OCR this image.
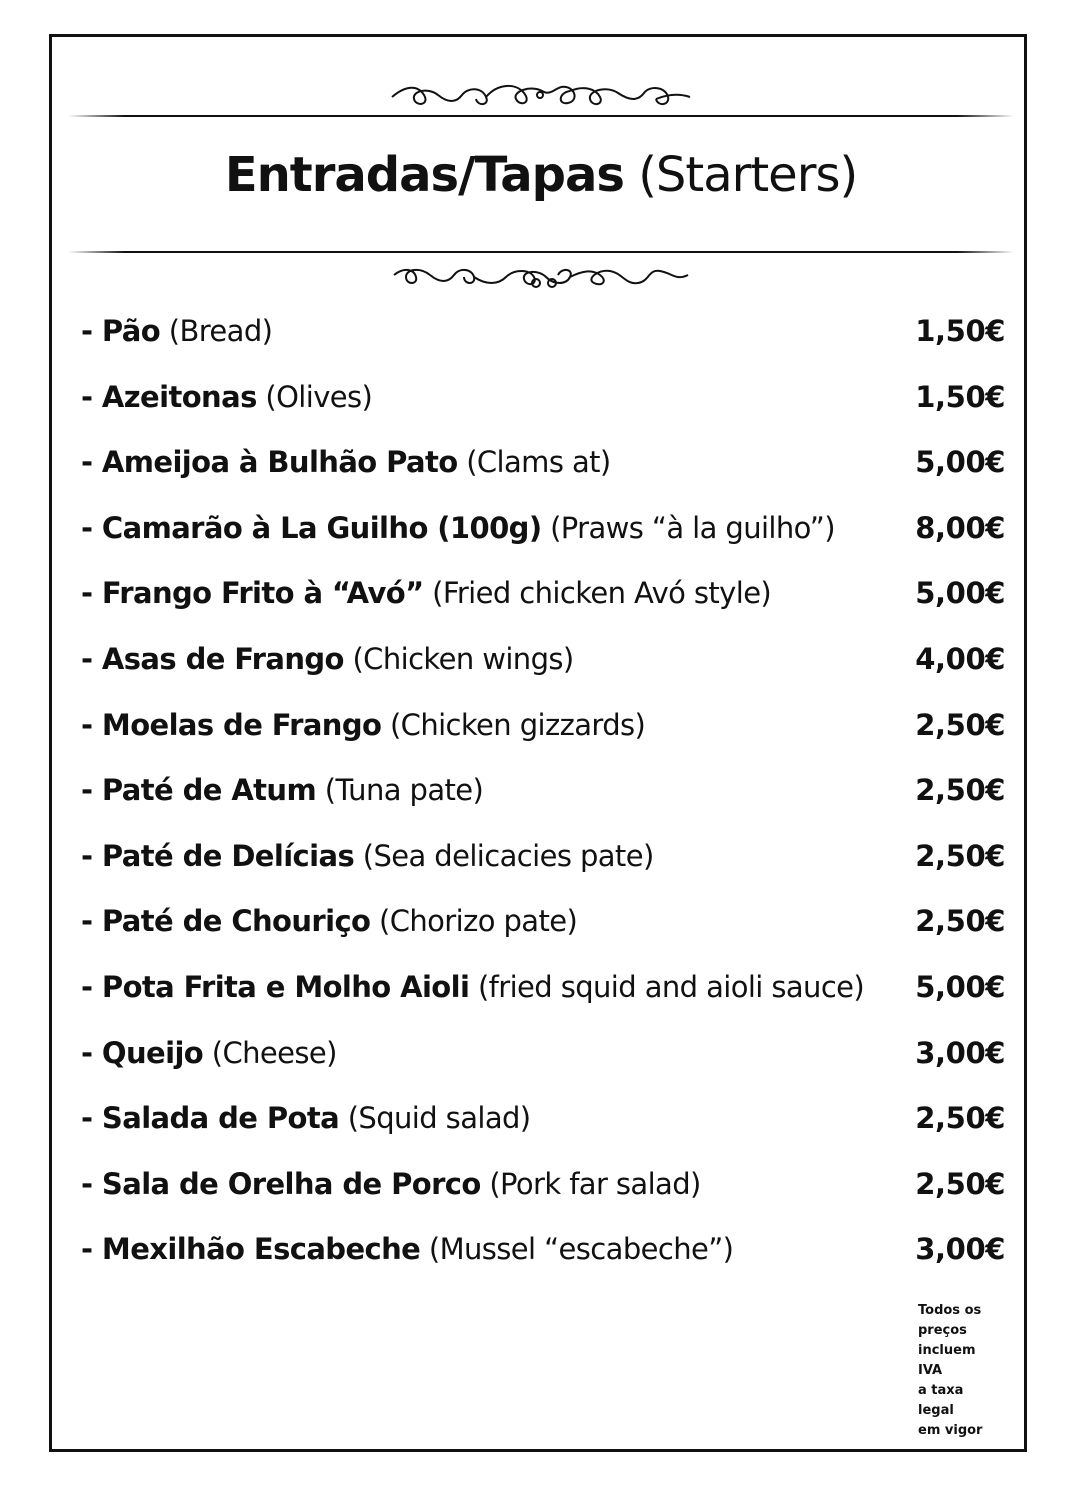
Entradas/Tapas (Starters)
- Pão (Bread)	1,50€
- Azeitonas (Olives)	1,50€
- Ameijoa à Bulhão Pato (Clams at)	5,00€
- Camarão à La Guilho (100g) (Praws “à la guilho”)	8,00€
- Frango Frito à “Avó” (Fried chicken Avó style)	5,00€
- Asas de Frango (Chicken wings)	4,00€
- Moelas de Frango (Chicken gizzards)	2,50€
- Paté de Atum (Tuna pate)	2,50€
- Paté de Delícias (Sea delicacies pate)	2,50€
- Paté de Chouriço (Chorizo pate)	2,50€
- Pota Frita e Molho Aioli (fried squid and aioli sauce)	5,00€
- Queijo (Cheese)	3,00€
- Salada de Pota (Squid salad)	2,50€
- Sala de Orelha de Porco (Pork far salad)	2,50€
- Mexilhão Escabeche (Mussel “escabeche”)	3,00€
Todos os
preços
incluem IVA
a taxa legal
em vigor
